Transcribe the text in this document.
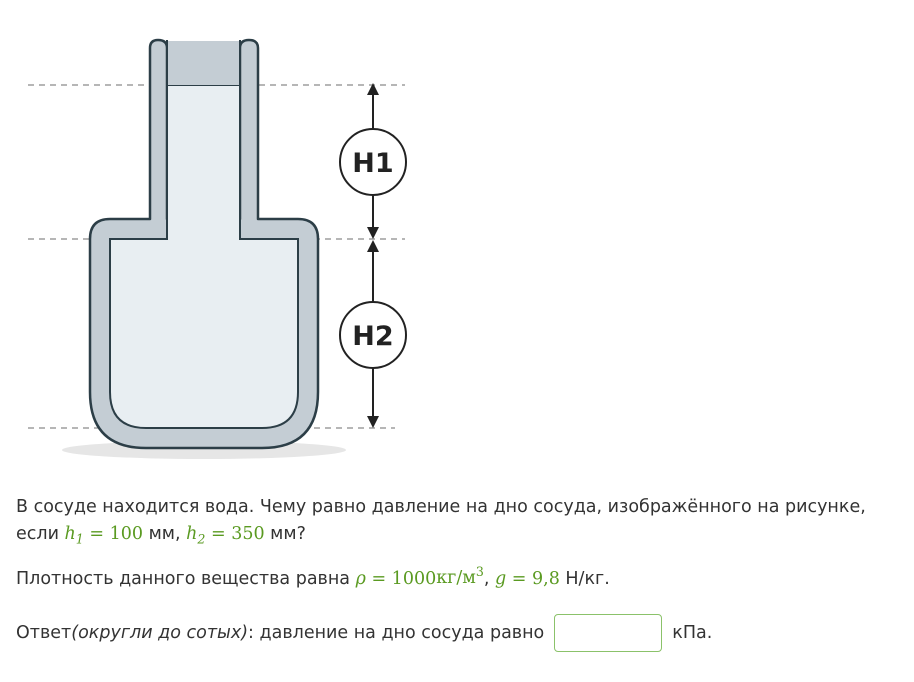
H1
H2

В сосуде находится вода. Чему равно давление на дно сосуда, изображённого на рисунке,

если $h_1 = 100$ мм, $h_2 = 350$ мм?

Плотность данного вещества равна $\rho = 1000кг/м^3$, g = 9,8 Н/кг.

Ответ (округли до сотых) : давление на дно сосуда равно	кПа.
